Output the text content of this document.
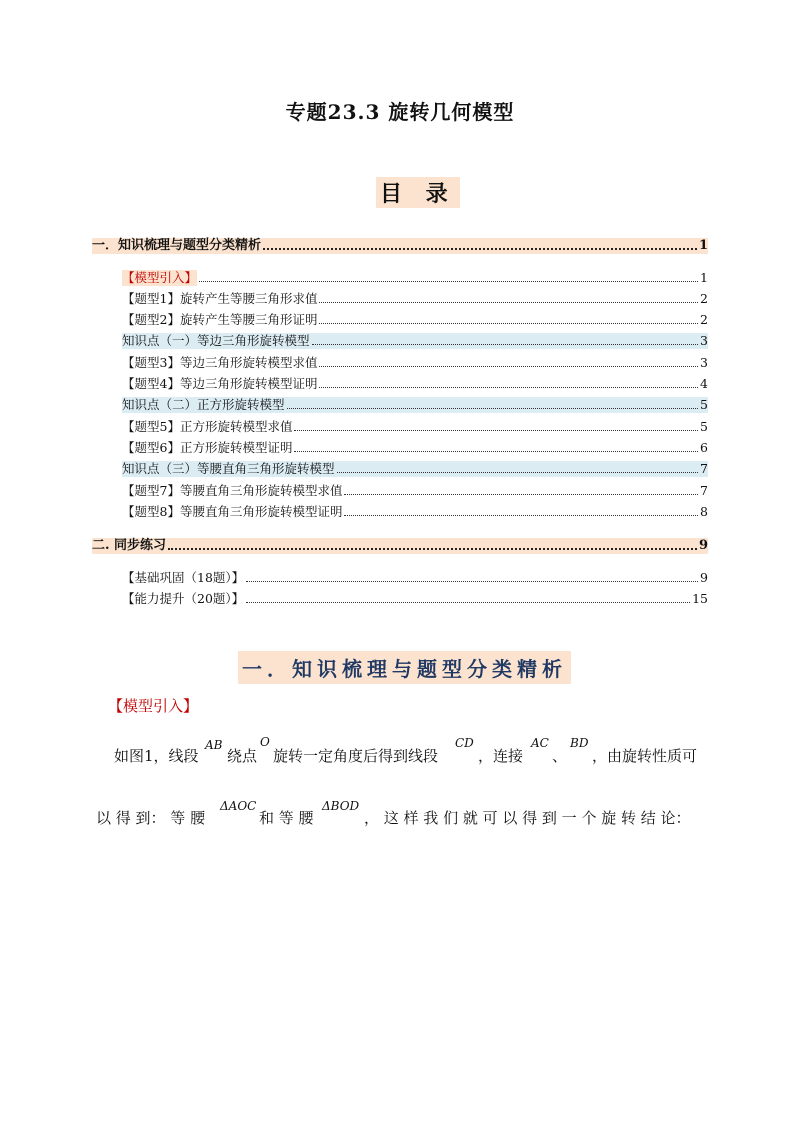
专题23.3 旋转几何模型
目 录
一．知识梳理与题型分类精析	1
【模型引入】	1
【题型1】旋转产生等腰三角形求值	2
【题型2】旋转产生等腰三角形证明	2
知识点（一）等边三角形旋转模型	3
【题型3】等边三角形旋转模型求值	3
【题型4】等边三角形旋转模型证明	4
知识点（二）正方形旋转模型	5
【题型5】正方形旋转模型求值	5
【题型6】正方形旋转模型证明	6
知识点（三）等腰直角三角形旋转模型	7
【题型7】等腰直角三角形旋转模型求值	7
【题型8】等腰直角三角形旋转模型证明	8
二. 同步练习	9
【基础巩固（18题）】	9
【能力提升（20题）】	15
一．知识梳理与题型分类精析
【模型引入】
如图1，线段
AB
绕点
O
旋转一定角度后得到线段
CD
，连接
AC
、
BD
，由旋转性质可
以 得 到： 等 腰
ΔAOC
和 等 腰
ΔBOD
， 这 样 我 们 就 可 以 得 到 一 个 旋 转 结 论：
